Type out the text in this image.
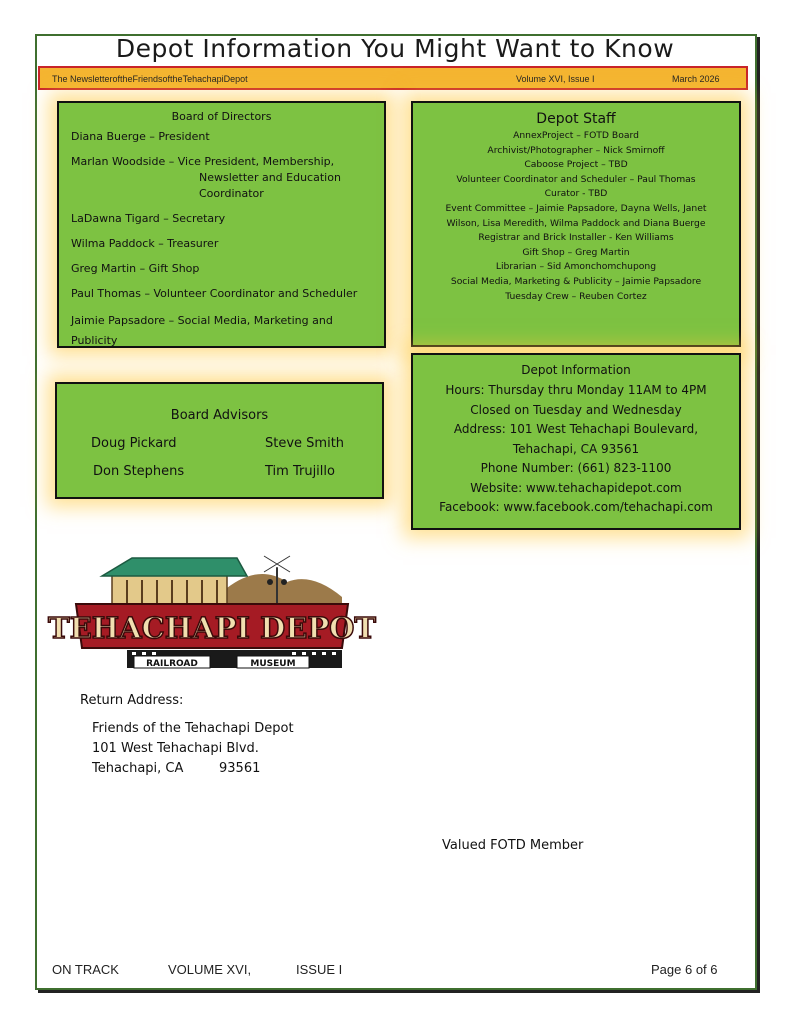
Depot Information You Might Want to Know
The NewsletteroftheFriendsoftheTehachapiDepot	Volume XVI, Issue I	March 2026
Board of Directors
Diana Buerge – President
Marlan Woodside – Vice President, Membership,
Newsletter and Education Coordinator
LaDawna Tigard – Secretary
Wilma Paddock – Treasurer
Greg Martin – Gift Shop
Paul Thomas – Volunteer Coordinator and Scheduler
Jaimie Papsadore – Social Media, Marketing and Publicity
Board Advisors
Doug Pickard	Steve Smith
Don Stephens	Tim Trujillo
Depot Staff
AnnexProject – FOTD Board
Archivist/Photographer – Nick Smirnoff
Caboose Project – TBD
Volunteer Coordinator and Scheduler – Paul Thomas
Curator - TBD
Event Committee – Jaimie Papsadore, Dayna Wells, Janet
Wilson, Lisa Meredith, Wilma Paddock and Diana Buerge
Registrar and Brick Installer - Ken Williams
Gift Shop – Greg Martin
Librarian – Sid Amonchomchupong
Social Media, Marketing & Publicity – Jaimie Papsadore
Tuesday Crew – Reuben Cortez
Depot Information
Hours: Thursday thru Monday 11AM to 4PM
Closed on Tuesday and Wednesday
Address: 101 West Tehachapi Boulevard,
Tehachapi, CA 93561
Phone Number: (661) 823-1100
Website: www.tehachapidepot.com
Facebook: www.facebook.com/tehachapi.com
TEHACHAPI DEPOT
RAILROAD	MUSEUM
Return Address:
Friends of the Tehachapi Depot
101 West Tehachapi Blvd.
Tehachapi, CA	93561
Valued FOTD Member
ON TRACK	VOLUME XVI,	ISSUE I	Page 6 of 6
